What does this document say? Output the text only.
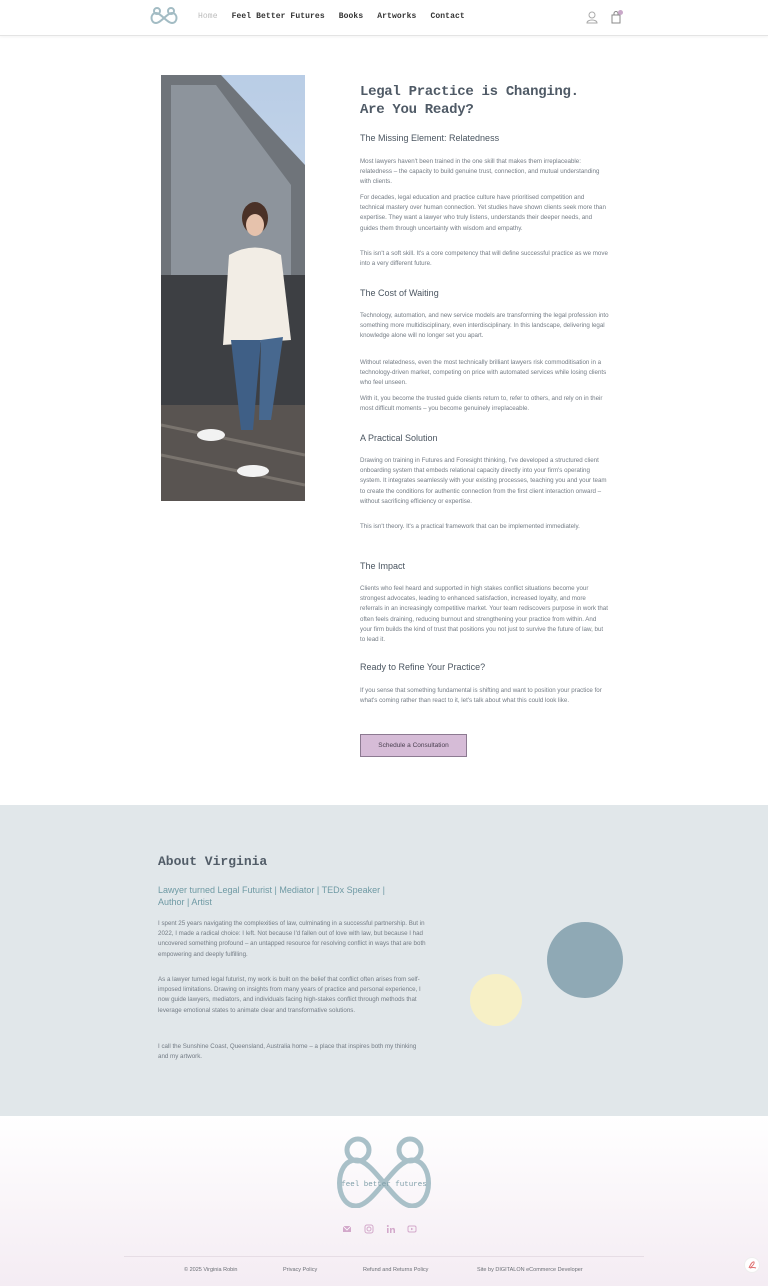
Home Feel Better Futures Books Artworks Contact
Legal Practice is Changing. Are You Ready?
The Missing Element: Relatedness

Most lawyers haven't been trained in the one skill that makes them irreplaceable: relatedness – the capacity to build genuine trust, connection, and mutual understanding with clients.

For decades, legal education and practice culture have prioritised competition and technical mastery over human connection. Yet studies have shown clients seek more than expertise. They want a lawyer who truly listens, understands their deeper needs, and guides them through uncertainty with wisdom and empathy.

This isn't a soft skill. It's a core competency that will define successful practice as we move into a very different future.

The Cost of Waiting

Technology, automation, and new service models are transforming the legal profession into something more multidisciplinary, even interdisciplinary. In this landscape, delivering legal knowledge alone will no longer set you apart.

Without relatedness, even the most technically brilliant lawyers risk commoditisation in a technology-driven market, competing on price with automated services while losing clients who feel unseen.

With it, you become the trusted guide clients return to, refer to others, and rely on in their most difficult moments – you become genuinely irreplaceable.

A Practical Solution

Drawing on training in Futures and Foresight thinking, I've developed a structured client onboarding system that embeds relational capacity directly into your firm's operating system. It integrates seamlessly with your existing processes, teaching you and your team to create the conditions for authentic connection from the first client interaction onward – without sacrificing efficiency or expertise.

This isn't theory. It's a practical framework that can be implemented immediately.

The Impact

Clients who feel heard and supported in high stakes conflict situations become your strongest advocates, leading to enhanced satisfaction, increased loyalty, and more referrals in an increasingly competitive market. Your team rediscovers purpose in work that often feels draining, reducing burnout and strengthening your practice from within. And your firm builds the kind of trust that positions you not just to survive the future of law, but to lead it.

Ready to Refine Your Practice?

If you sense that something fundamental is shifting and want to position your practice for what's coming rather than react to it, let's talk about what this could look like.

Schedule a Consultation
About Virginia
Lawyer turned Legal Futurist | Mediator | TEDx Speaker | Author | Artist

I spent 25 years navigating the complexities of law, culminating in a successful partnership. But in 2022, I made a radical choice: I left. Not because I'd fallen out of love with law, but because I had uncovered something profound – an untapped resource for resolving conflict in ways that are both empowering and deeply fulfilling.

As a lawyer turned legal futurist, my work is built on the belief that conflict often arises from self-imposed limitations. Drawing on insights from many years of practice and personal experience, I now guide lawyers, mediators, and individuals facing high-stakes conflict through methods that leverage emotional states to animate clear and transformative solutions.

I call the Sunshine Coast, Queensland, Australia home – a place that inspires both my thinking and my artwork.

feel better futures
© 2025 Virginia Robin	Privacy Policy	Refund and Returns Policy	Site by DIGITALON eCommerce Developer
